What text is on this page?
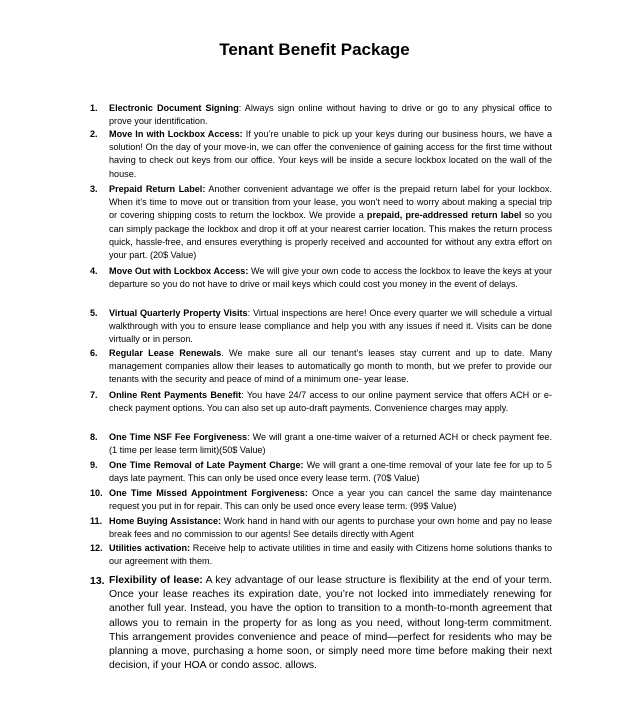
Tenant Benefit Package
1. Electronic Document Signing: Always sign online without having to drive or go to any physical office to prove your identification.
2. Move In with Lockbox Access: If you’re unable to pick up your keys during our business hours, we have a solution! On the day of your move-in, we can offer the convenience of gaining access for the first time without having to check out keys from our office. Your keys will be inside a secure lockbox located on the wall of the house.
3. Prepaid Return Label: Another convenient advantage we offer is the prepaid return label for your lockbox. When it’s time to move out or transition from your lease, you won’t need to worry about making a special trip or covering shipping costs to return the lockbox. We provide a prepaid, pre-addressed return label so you can simply package the lockbox and drop it off at your nearest carrier location. This makes the return process quick, hassle-free, and ensures everything is properly received and accounted for without any extra effort on your part. (20$ Value)
4. Move Out with Lockbox Access: We will give your own code to access the lockbox to leave the keys at your departure so you do not have to drive or mail keys which could cost you money in the event of delays.
5. Virtual Quarterly Property Visits: Virtual inspections are here! Once every quarter we will schedule a virtual walkthrough with you to ensure lease compliance and help you with any issues if need it. Visits can be done virtually or in person.
6. Regular Lease Renewals. We make sure all our tenant’s leases stay current and up to date. Many management companies allow their leases to automatically go month to month, but we prefer to provide our tenants with the security and peace of mind of a minimum one- year lease.
7. Online Rent Payments Benefit: You have 24/7 access to our online payment service that offers ACH or e-check payment options. You can also set up auto-draft payments. Convenience charges may apply.
8. One Time NSF Fee Forgiveness: We will grant a one-time waiver of a returned ACH or check payment fee. (1 time per lease term limit)(50$ Value)
9. One Time Removal of Late Payment Charge: We will grant a one-time removal of your late fee for up to 5 days late payment. This can only be used once every lease term. (70$ Value)
10. One Time Missed Appointment Forgiveness: Once a year you can cancel the same day maintenance request you put in for repair. This can only be used once every lease term. (99$ Value)
11. Home Buying Assistance: Work hand in hand with our agents to purchase your own home and pay no lease break fees and no commission to our agents! See details directly with Agent
12. Utilities activation: Receive help to activate utilities in time and easily with Citizens home solutions thanks to our agreement with them.
13. Flexibility of lease: A key advantage of our lease structure is flexibility at the end of your term. Once your lease reaches its expiration date, you’re not locked into immediately renewing for another full year. Instead, you have the option to transition to a month-to-month agreement that allows you to remain in the property for as long as you need, without long-term commitment. This arrangement provides convenience and peace of mind—perfect for residents who may be planning a move, purchasing a home soon, or simply need more time before making their next decision, if your HOA or condo assoc. allows.
